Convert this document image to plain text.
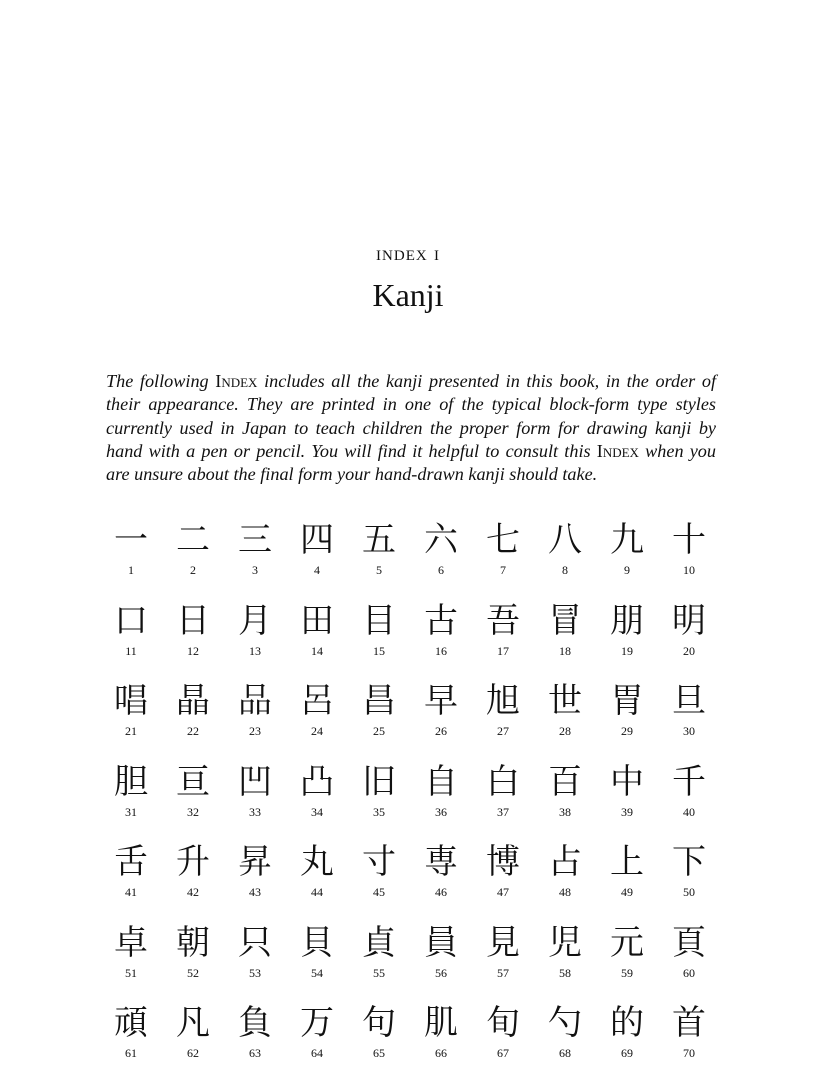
index i
Kanji

The following Index includes all the kanji presented in this book, in the order of their appearance. They are printed in one of the typical block-form type styles currently used in Japan to teach children the proper form for drawing kanji by hand with a pen or pencil. You will find it helpful to consult this Index when you are unsure about the final form your hand-drawn kanji should take.

一
1
二
2
三
3
四
4
五
5
六
6
七
7
八
8
九
9
十
10
口
11
日
12
月
13
田
14
目
15
古
16
吾
17
冒
18
朋
19
明
20
唱
21
晶
22
品
23
呂
24
昌
25
早
26
旭
27
世
28
胃
29
旦
30
胆
31
亘
32
凹
33
凸
34
旧
35
自
36
白
37
百
38
中
39
千
40
舌
41
升
42
昇
43
丸
44
寸
45
専
46
博
47
占
48
上
49
下
50
卓
51
朝
52
只
53
貝
54
貞
55
員
56
見
57
児
58
元
59
頁
60
頑
61
凡
62
負
63
万
64
句
65
肌
66
旬
67
勺
68
的
69
首
70
